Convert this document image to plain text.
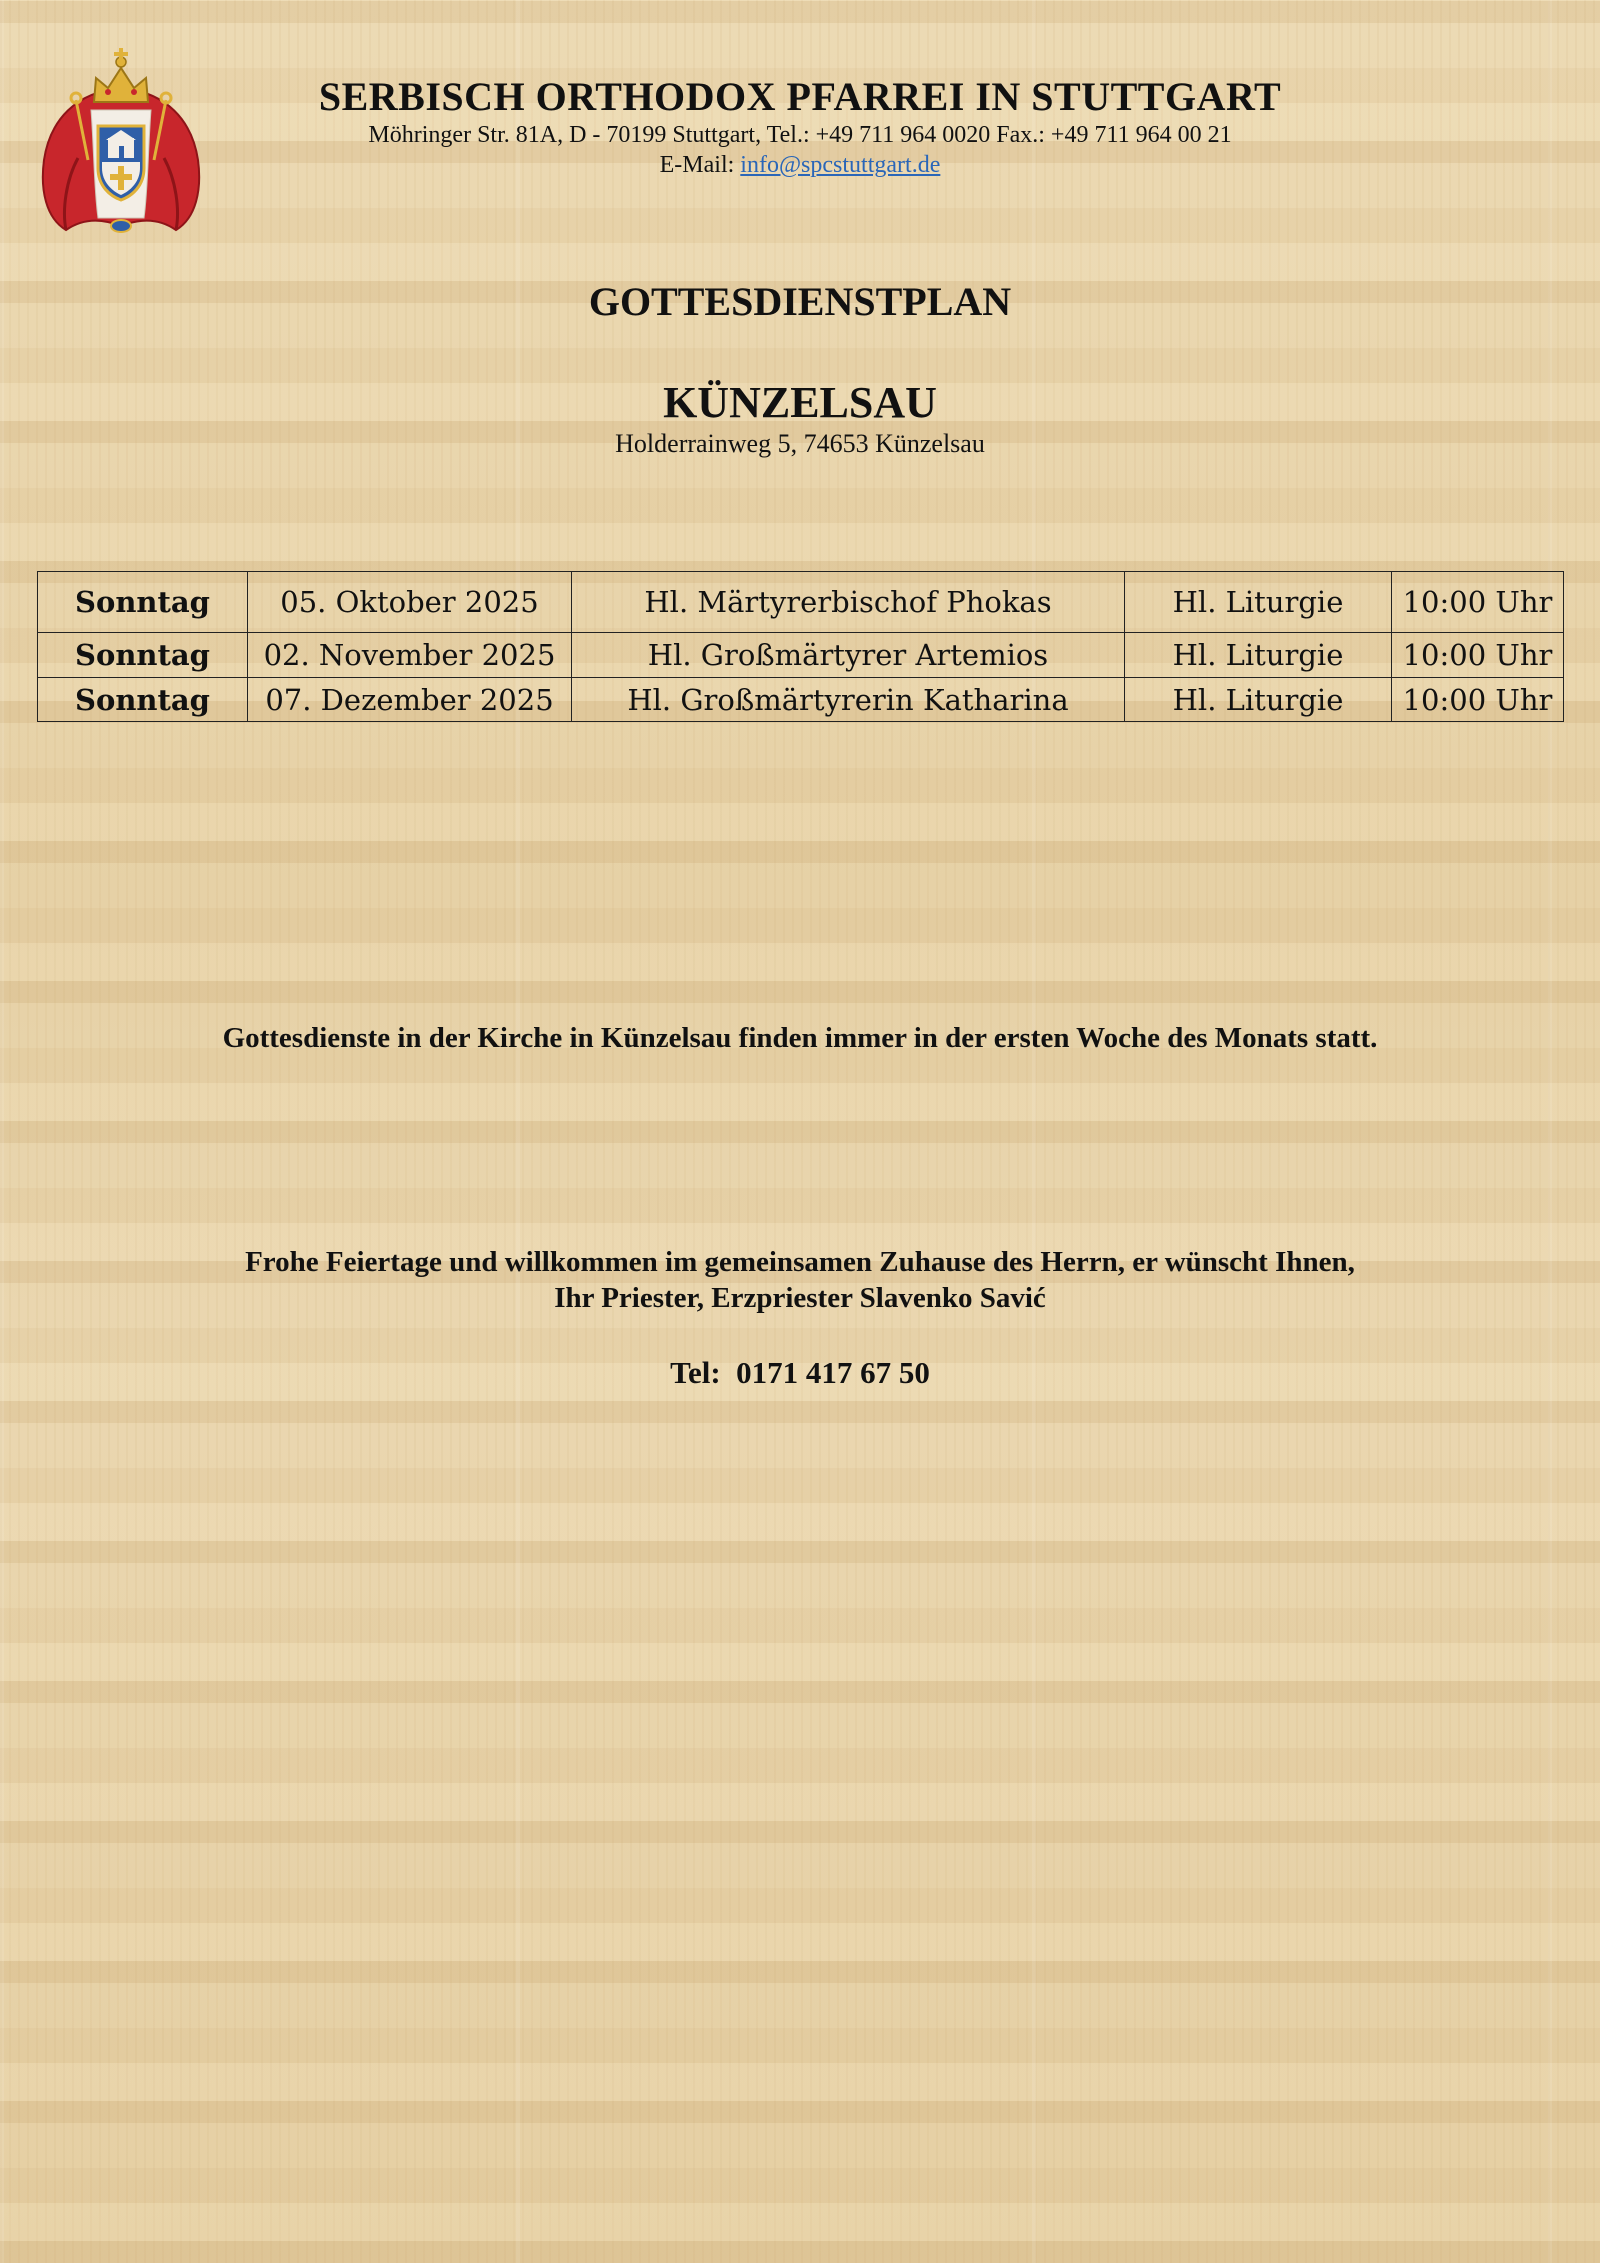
SERBISCH ORTHODOX PFARREI IN STUTTGART
Möhringer Str. 81A, D - 70199 Stuttgart, Tel.: +49 711 964 0020 Fax.: +49 711 964 00 21
E-Mail: info@spcstuttgart.de
GOTTESDIENSTPLAN
KÜNZELSAU
Holderrainweg 5, 74653 Künzelsau
Sonntag	05. Oktober 2025	Hl. Märtyrerbischof Phokas	Hl. Liturgie	10:00 Uhr
Sonntag	02. November 2025	Hl. Großmärtyrer Artemios	Hl. Liturgie	10:00 Uhr
Sonntag	07. Dezember 2025	Hl. Großmärtyrerin Katharina	Hl. Liturgie	10:00 Uhr
Gottesdienste in der Kirche in Künzelsau finden immer in der ersten Woche des Monats statt.
Frohe Feiertage und willkommen im gemeinsamen Zuhause des Herrn, er wünscht Ihnen,
Ihr Priester, Erzpriester Slavenko Savić
Tel:  0171 417 67 50
